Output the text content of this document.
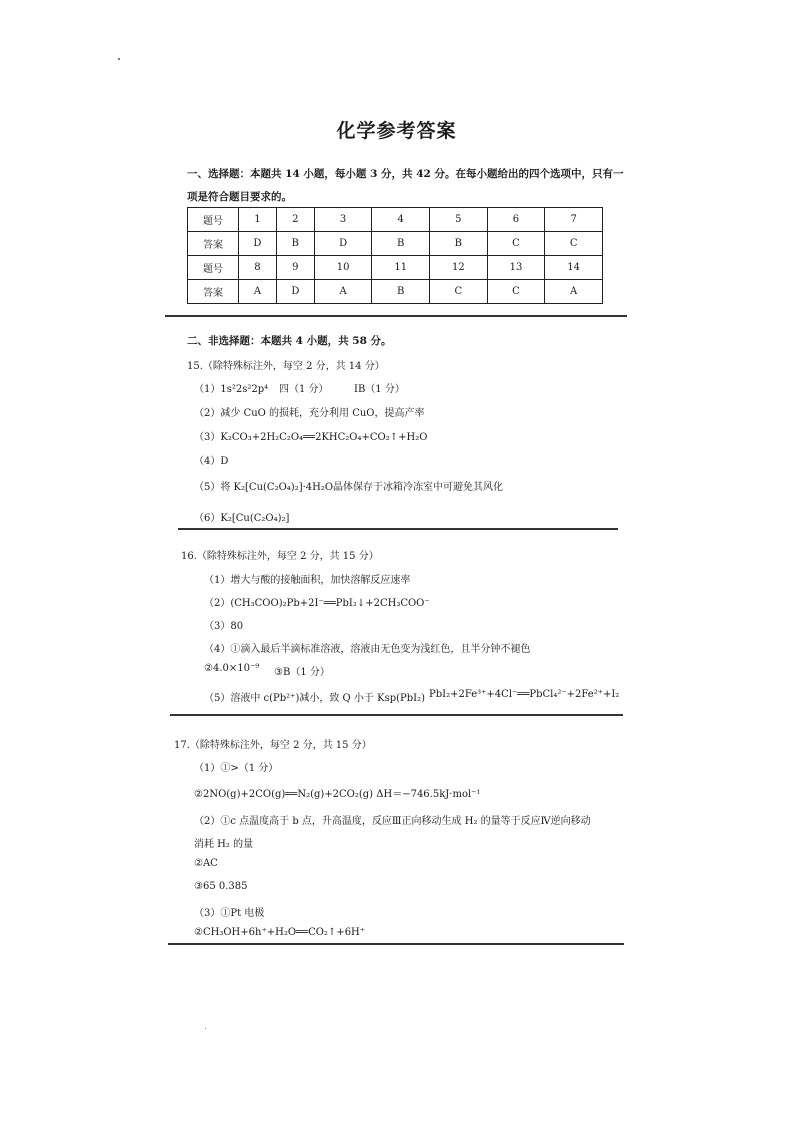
化学参考答案
一、选择题：本题共 14 小题，每小题 3 分，共 42 分。在每小题给出的四个选项中，只有一
项是符合题目要求的。
题号	1	2	3	4	5	6	7
答案	D	B	D	B	B	C	C
题号	8	9	10	11	12	13	14
答案	A	D	A	B	C	C	A
二、非选择题：本题共 4 小题，共 58 分。
15.（除特殊标注外，每空 2 分，共 14 分）
（1）1s²2s²2p⁴ 四（1 分）	ⅠB（1 分）
（2）减少 CuO 的损耗，充分利用 CuO，提高产率
（3）K₂CO₃+2H₂C₂O₄══2KHC₂O₄+CO₂↑+H₂O
（4）D
（5）将 K₂[Cu(C₂O₄)₂]·4H₂O晶体保存于冰箱冷冻室中可避免其风化
（6）K₂[Cu(C₂O₄)₂]
16.（除特殊标注外，每空 2 分，共 15 分）
（1）增大与酸的接触面积，加快溶解反应速率
（2）(CH₃COO)₂Pb+2I⁻══PbI₂↓+2CH₃COO⁻
（3）80
（4）①滴入最后半滴标准溶液，溶液由无色变为浅红色，且半分钟不褪色
②4.0×10⁻⁹ ③B（1 分）
（5）溶液中 c(Pb²⁺)减小，致 Q 小于 Ksp(PbI₂) PbI₂+2Fe³⁺+4Cl⁻══PbCl₄²⁻+2Fe²⁺+I₂
17.（除特殊标注外，每空 2 分，共 15 分）
（1）①>（1 分）
②2NO(g)+2CO(g)══N₂(g)+2CO₂(g) ΔH＝−746.5kJ·mol⁻¹
（2）①c 点温度高于 b 点，升高温度，反应Ⅲ正向移动生成 H₂ 的量等于反应Ⅳ逆向移动
消耗 H₂ 的量
②AC
③65 0.385
（3）①Pt 电极
②CH₃OH+6h⁺+H₂O══CO₂↑+6H⁺
